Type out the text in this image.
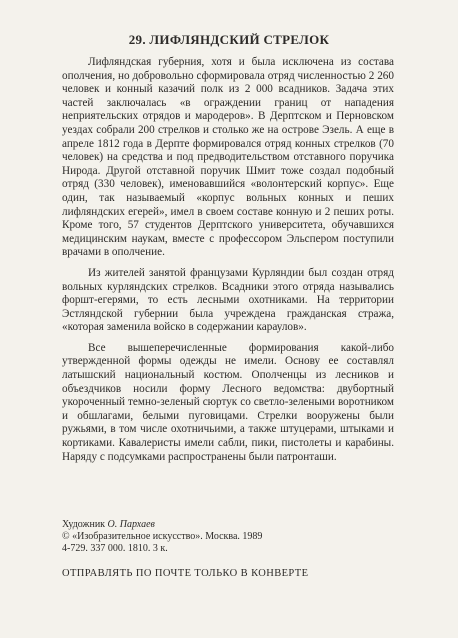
29. ЛИФЛЯНДСКИЙ СТРЕЛОК

Лифляндская губерния, хотя и была исключена из состава ополчения, но добровольно сформировала отряд численностью 2 260 человек и конный казачий полк из 2 000 всадников. Задача этих частей заключалась «в ограждении границ от нападения неприятельских отрядов и мародеров». В Дерптском и Перновском уездах собрали 200 стрелков и столько же на острове Эзель. А еще в апреле 1812 года в Дерпте формировался отряд конных стрелков (70 человек) на средства и под предводительством отставного поручика Нирода. Другой отставной поручик Шмит тоже создал подобный отряд (330 человек), именовавшийся «волонтерский корпус». Еще один, так называемый «корпус вольных конных и пеших лифляндских егерей», имел в своем составе конную и 2 пеших роты. Кроме того, 57 студентов Дерптского университета, обучавшихся медицинским наукам, вместе с профессором Эльспером поступили врачами в ополчение.

Из жителей занятой французами Курляндии был создан отряд вольных курляндских стрелков. Всадники этого отряда назывались форшт-егерями, то есть лесными охотниками. На территории Эстляндской губернии была учреждена гражданская стража, «которая заменила войско в содержании караулов».

Все вышеперечисленные формирования какой-либо утвержденной формы одежды не имели. Основу ее составлял латышский национальный костюм. Ополченцы из лесников и объездчиков носили форму Лесного ведомства: двубортный укороченный темно-зеленый сюртук со светло-зелеными воротником и обшлагами, белыми пуговицами. Стрелки вооружены были ружьями, в том числе охотничьими, а также штуцерами, штыками и кортиками. Кавалеристы имели сабли, пики, пистолеты и карабины. Наряду с подсумками распространены были патронташи.

Художник О. Пархаев
© «Изобразительное искусство». Москва. 1989
4-729. 337 000. 1810. 3 к.
ОТПРАВЛЯТЬ ПО ПОЧТЕ ТОЛЬКО В КОНВЕРТЕ
